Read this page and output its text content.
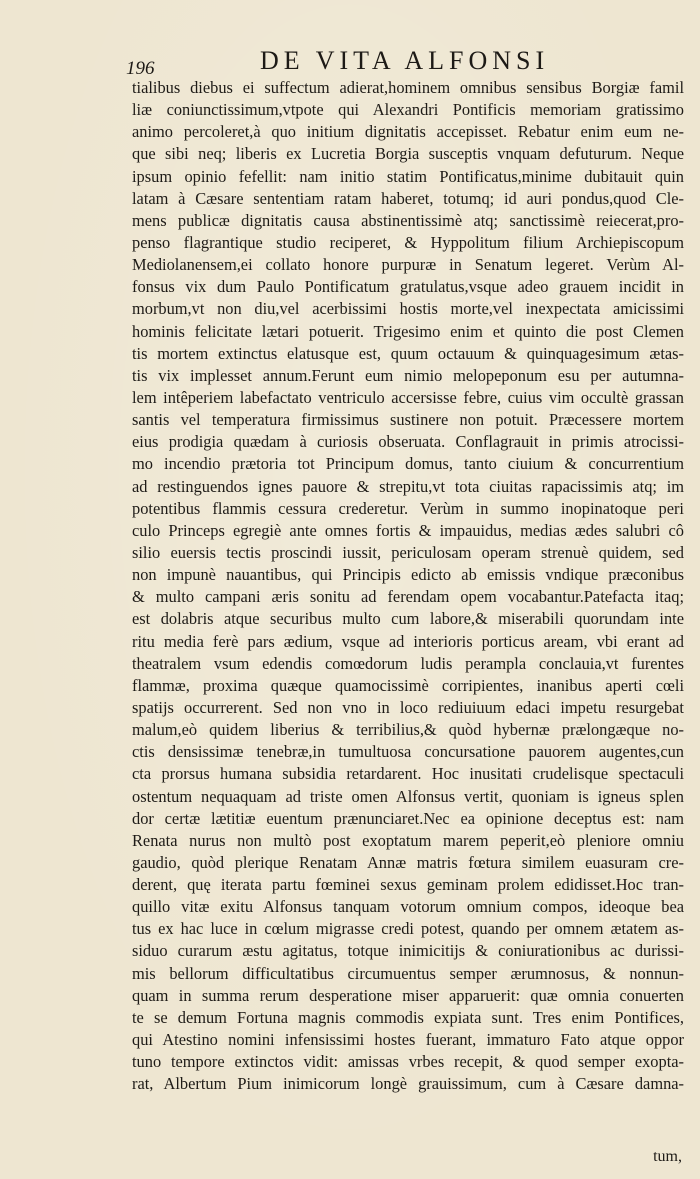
196	DE VITA ALFONSI
tialibus diebus ei suffectum adierat,hominem omnibus sensibus Borgiæ famil
liæ coniunctissimum,vtpote qui Alexandri Pontificis memoriam gratissimo
animo percoleret,à quo initium dignitatis accepisset. Rebatur enim eum ne-
que sibi neq; liberis ex Lucretia Borgia susceptis vnquam defuturum. Neque
ipsum opinio fefellit: nam initio statim Pontificatus,minime dubitauit quin
latam à Cæsare sententiam ratam haberet, totumq; id auri pondus,quod Cle-
mens publicæ dignitatis causa abstinentissimè atq; sanctissimè reiecerat,pro-
penso flagrantique studio reciperet, & Hyppolitum filium Archiepiscopum
Mediolanensem,ei collato honore purpuræ in Senatum legeret. Verùm Al-
fonsus vix dum Paulo Pontificatum gratulatus,vsque adeo grauem incidit in
morbum,vt non diu,vel acerbissimi hostis morte,vel inexpectata amicissimi
hominis felicitate lætari potuerit. Trigesimo enim et quinto die post Clemen
tis mortem extinctus elatusque est, quum octauum & quinquagesimum ætas-
tis vix implesset annum.Ferunt eum nimio melopeponum esu per autumna-
lem intêperiem labefactato ventriculo accersisse febre, cuius vim occultè grassan
santis vel temperatura firmissimus sustinere non potuit. Præcessere mortem
eius prodigia quædam à curiosis obseruata. Conflagrauit in primis atrocissi-
mo incendio prætoria tot Principum domus, tanto ciuium & concurrentium
ad restinguendos ignes pauore & strepitu,vt tota ciuitas rapacissimis atq; im
potentibus flammis cessura crederetur. Verùm in summo inopinatoque peri
culo Princeps egregiè ante omnes fortis & impauidus, medias ædes salubri cô
silio euersis tectis proscindi iussit, periculosam operam strenuè quidem, sed
non impunè nauantibus, qui Principis edicto ab emissis vndique præconibus
& multo campani æris sonitu ad ferendam opem vocabantur.Patefacta itaq;
est dolabris atque securibus multo cum labore,& miserabili quorundam inte
ritu media ferè pars ædium, vsque ad interioris porticus aream, vbi erant ad
theatralem vsum edendis comœdorum ludis perampla conclauia,vt furentes
flammæ, proxima quæque quamocissimè corripientes, inanibus aperti cœli
spatijs occurrerent. Sed non vno in loco rediuiuum edaci impetu resurgebat
malum,eò quidem liberius & terribilius,& quòd hybernæ prælongæque no-
ctis densissimæ tenebræ,in tumultuosa concursatione pauorem augentes,cun
cta prorsus humana subsidia retardarent. Hoc inusitati crudelisque spectaculi
ostentum nequaquam ad triste omen Alfonsus vertit, quoniam is igneus splen
dor certæ lætitiæ euentum prænunciaret.Nec ea opinione deceptus est: nam
Renata nurus non multò post exoptatum marem peperit,eò pleniore omniu
gaudio, quòd plerique Renatam Annæ matris fœtura similem euasuram cre-
derent, quę iterata partu fœminei sexus geminam prolem edidisset.Hoc tran-
quillo vitæ exitu Alfonsus tanquam votorum omnium compos, ideoque bea
tus ex hac luce in cœlum migrasse credi potest, quando per omnem ætatem as-
siduo curarum æstu agitatus, totque inimicitijs & coniurationibus ac durissi-
mis bellorum difficultatibus circumuentus semper ærumnosus, & nonnun-
quam in summa rerum desperatione miser apparuerit: quæ omnia conuerten
te se demum Fortuna magnis commodis expiata sunt. Tres enim Pontifices,
qui Atestino nomini infensissimi hostes fuerant, immaturo Fato atque oppor
tuno tempore extinctos vidit: amissas vrbes recepit, & quod semper exopta-
rat, Albertum Pium inimicorum longè grauissimum, cum à Cæsare damna-
tum,
